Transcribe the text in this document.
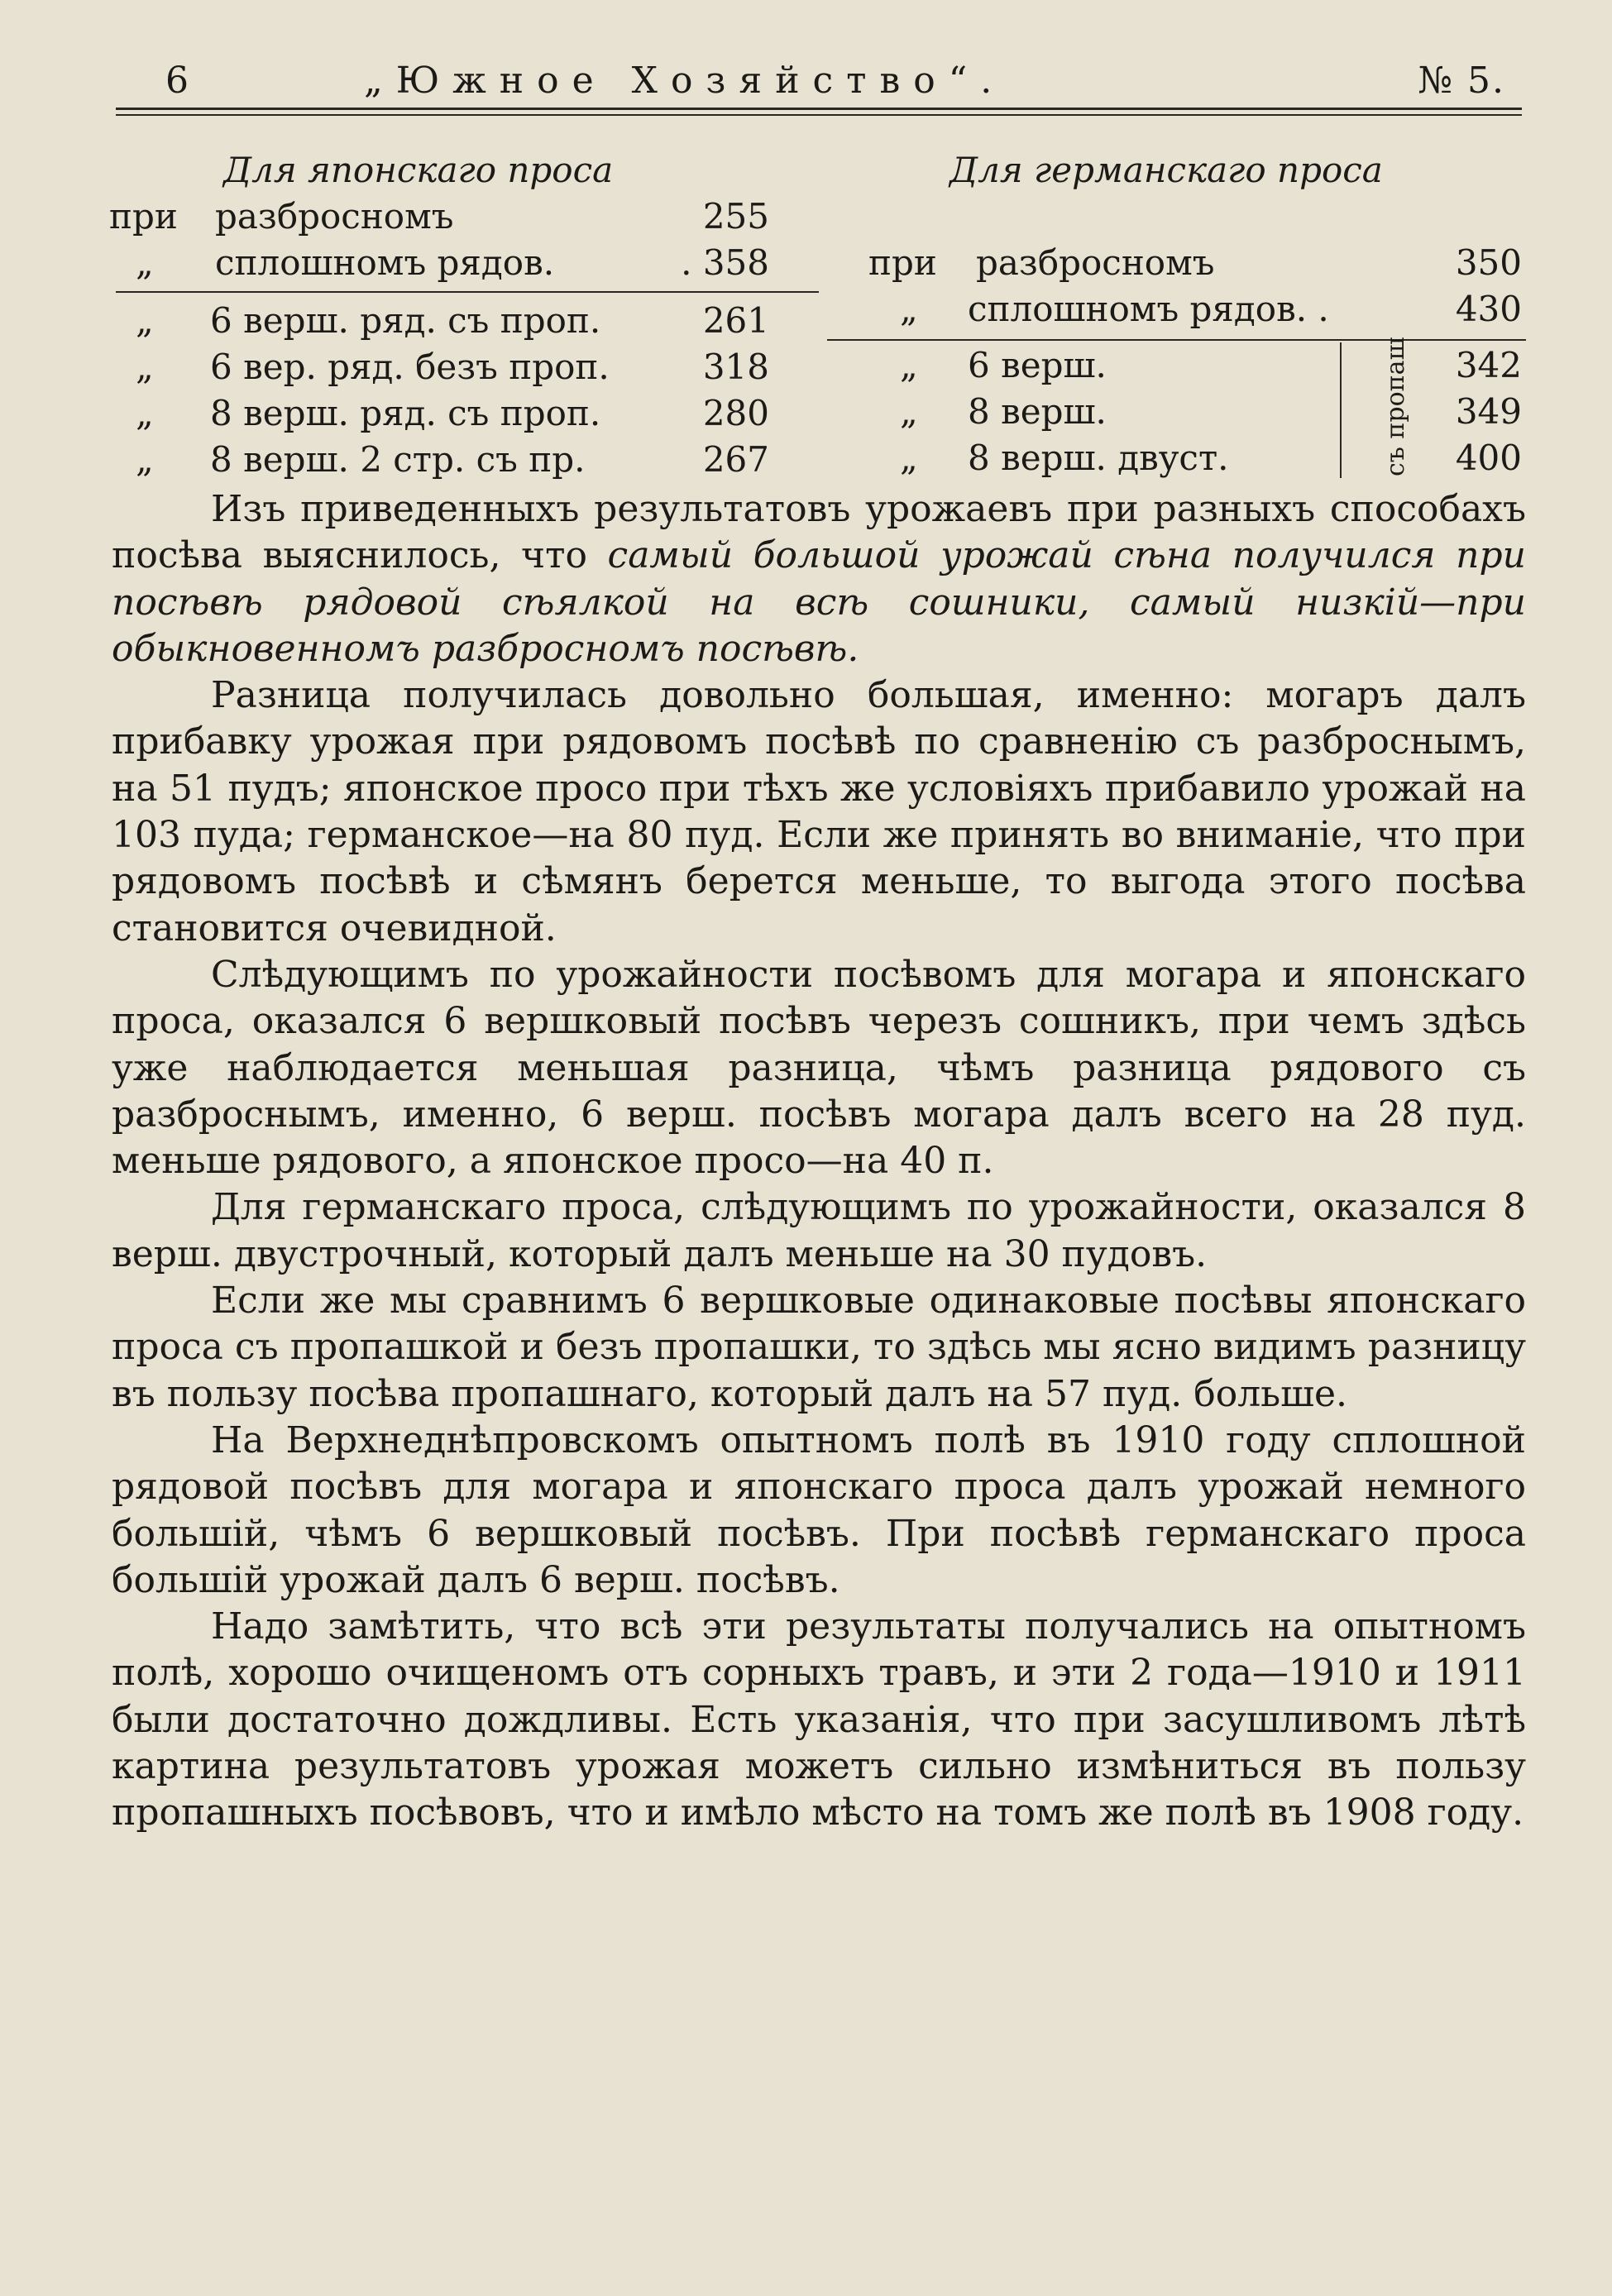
6	„Южное Хозяйство“.	№ 5.
Для японскаго проса
при разбросномъ	255
„ сплошномъ рядов.	. 358
„ 6 верш. ряд. съ проп.	261
„ 6 вер. ряд. безъ проп.	318
„ 8 верш. ряд. съ проп.	280
„ 8 верш. 2 стр. съ пр.	267
Для германскаго проса
при разбросномъ	350
„ сплошномъ рядов. .	430
„ 6 верш.	342
„ 8 верш.	349
„ 8 верш. двуст.	400
съ пропаш

Изъ приведенныхъ результатовъ урожаевъ при разныхъ способахъ посѣва выяснилось, что самый большой урожай сѣна получился при посѣвѣ рядовой сѣялкой на всѣ сошники, самый низкій—при обыкновенномъ разбросномъ посѣвѣ.

Разница получилась довольно большая, именно: могаръ далъ прибавку урожая при рядовомъ посѣвѣ по сравненію съ разброснымъ, на 51 пудъ; японское просо при тѣхъ же условіяхъ прибавило урожай на 103 пуда; германское—на 80 пуд. Если же принять во вниманіе, что при рядовомъ посѣвѣ и сѣмянъ берется меньше, то выгода этого посѣва становится очевидной.

Слѣдующимъ по урожайности посѣвомъ для могара и японскаго проса, оказался 6 вершковый посѣвъ черезъ сошникъ, при чемъ здѣсь уже наблюдается меньшая разница, чѣмъ разница рядового съ разброснымъ, именно, 6 верш. посѣвъ могара далъ всего на 28 пуд. меньше рядового, а японское просо—на 40 п.

Для германскаго проса, слѣдующимъ по урожайности, оказался 8 верш. двустрочный, который далъ меньше на 30 пудовъ.

Если же мы сравнимъ 6 вершковые одинаковые посѣвы японскаго проса съ пропашкой и безъ пропашки, то здѣсь мы ясно видимъ разницу въ пользу посѣва пропашнаго, который далъ на 57 пуд. больше.

На Верхнеднѣпровскомъ опытномъ полѣ въ 1910 году сплошной рядовой посѣвъ для могара и японскаго проса далъ урожай немного большій, чѣмъ 6 вершковый посѣвъ. При посѣвѣ германскаго проса большій урожай далъ 6 верш. посѣвъ.

Надо замѣтить, что всѣ эти результаты получались на опытномъ полѣ, хорошо очищеномъ отъ сорныхъ травъ, и эти 2 года—1910 и 1911 были достаточно дождливы. Есть указанія, что при засушливомъ лѣтѣ картина результатовъ урожая можетъ сильно измѣниться въ пользу пропашныхъ посѣвовъ, что и имѣло мѣсто на томъ же полѣ въ 1908 году.
